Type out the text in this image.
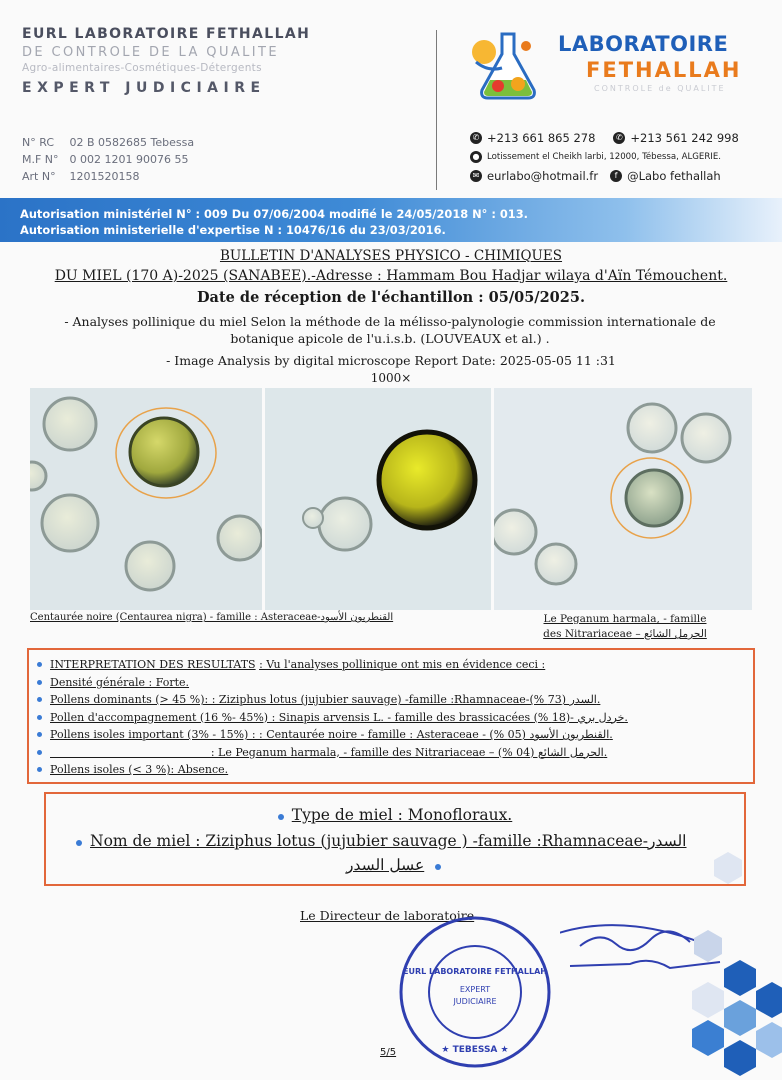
EURL LABORATOIRE FETHALLAH
DE CONTROLE DE LA QUALITE
Agro-alimentaires-Cosmétiques-Détergents
EXPERT JUDICIAIRE
N° RC 02 B 0582685 Tebessa
M.F N° 0 002 1201 90076 55
Art N° 1201520158
LABORATOIRE
FETHALLAH
CONTROLE de QUALITE
✆ +213 661 865 278	✆ +213 561 242 998
● Lotissement el Cheikh larbi, 12000, Tébessa, ALGERIE.
✉ eurlabo@hotmail.fr	f @Labo fethallah
Autorisation ministériel N° : 009 Du 07/06/2004 modifié le 24/05/2018 N° : 013.
Autorisation ministerielle d'expertise N : 10476/16 du 23/03/2016.
BULLETIN D'ANALYSES PHYSICO - CHIMIQUES
DU MIEL (170 A)-2025 (SANABEE).-Adresse : Hammam Bou Hadjar wilaya d'Aïn Témouchent.
Date de réception de l'échantillon : 05/05/2025.
- Analyses pollinique du miel Selon la méthode de la mélisso-palynologie commission internationale de botanique apicole de l'u.i.s.b. (LOUVEAUX et al.) .
- Image Analysis by digital microscope Report Date: 2025-05-05 11 :31
1000×
Centaurée noire (Centaurea nigra) - famille : Asteraceae-القنطريون الأسود	Le Peganum harmala, - famille
des Nitrariaceae – الحرمل الشائع
INTERPRETATION DES RESULTATS
: Vu l'analyses pollinique ont mis en évidence ceci :
Densité générale : Forte.
Pollens dominants (> 45 %): : Ziziphus lotus (jujubier sauvage) -famille :Rhamnaceae-السدر (73 %).
Pollen d'accompagnement (16 %- 45%) : Sinapis arvensis L. - famille des brassicacées خردل بري -(18 %).
Pollens isoles important (3% - 15%) : : Centaurée noire - famille : Asteraceae - القنطريون الأسود (05 %).
: Le Peganum harmala, - famille des Nitrariaceae – الحرمل الشائع (04 %).
Pollens isoles (< 3 %): Absence.
Type de miel : Monofloraux.
Nom de miel : Ziziphus lotus (jujubier sauvage ) -famille :Rhamnaceae-السدر
عسل السدر
Le Directeur de laboratoire
EURL LABORATOIRE FETHALLAH
EXPERT
JUDICIAIRE
★ TEBESSA ★
5/5
